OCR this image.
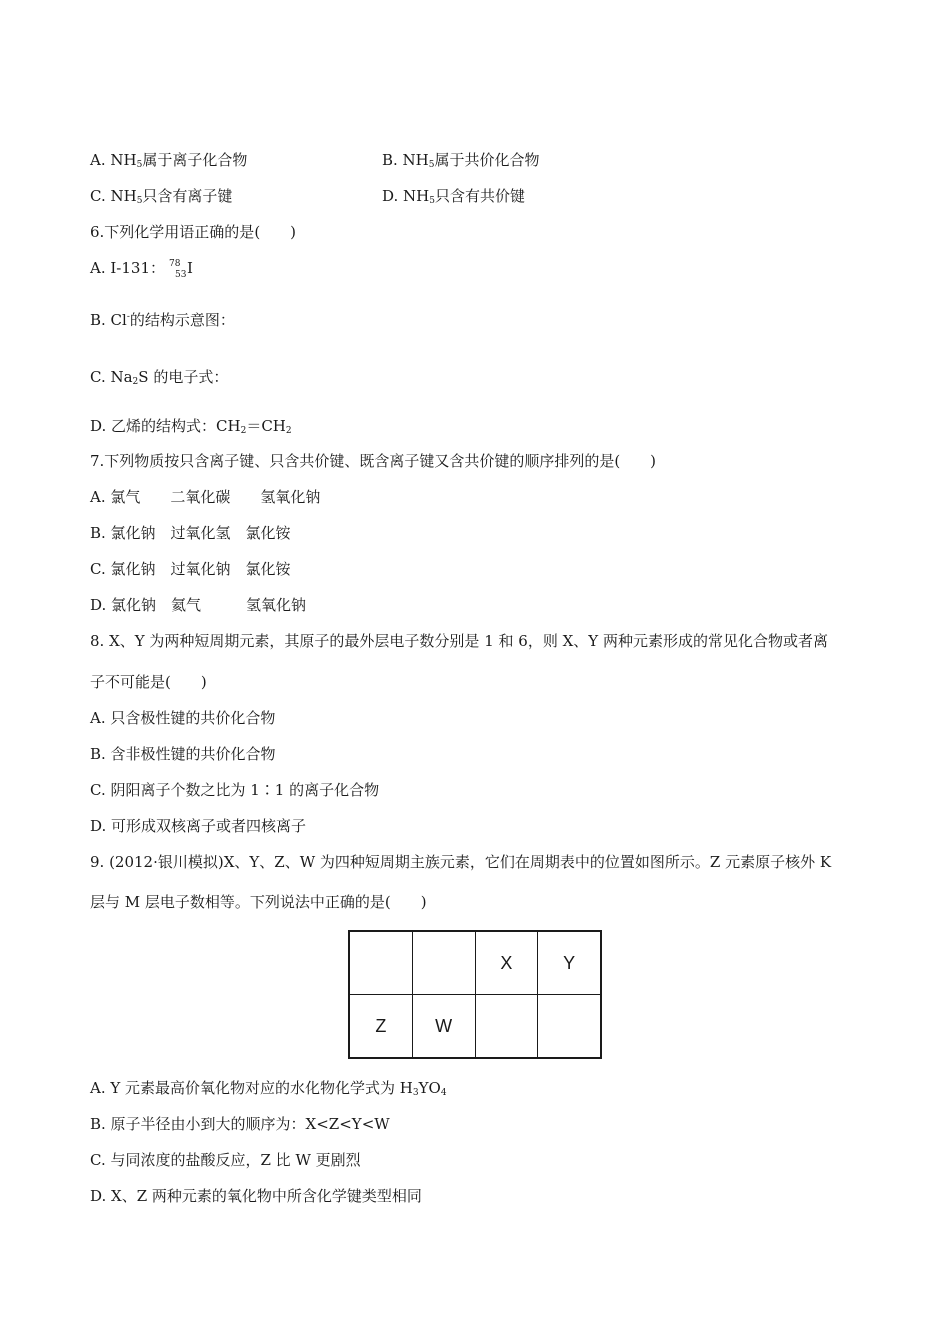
A. $NH_5$属于离子化合物	B. $NH_5$属于共价化合物
C. $NH_5$只含有离子键	D. $NH_5$只含有共价键
6.下列化学用语正确的是(　　)
A. I-131： 78
53 I
B. Cl-的结构示意图：
C. $Na_2S$ 的电子式：
D. 乙烯的结构式：$CH_2=CH_2$
7.下列物质按只含离子键、只含共价键、既含离子键又含共价键的顺序排列的是(　　)
A. 氯气　　二氧化碳　　氢氧化钠
B. 氯化钠　过氧化氢　氯化铵
C. 氯化钠　过氧化钠　氯化铵
D. 氯化钠　氦气　　　氢氧化钠
8. X、Y 为两种短周期元素，其原子的最外层电子数分别是 1 和 6，则 X、Y 两种元素形成的常见化合物或者离
子不可能是(　　)
A. 只含极性键的共价化合物
B. 含非极性键的共价化合物
C. 阴阳离子个数之比为 1∶1 的离子化合物
D. 可形成双核离子或者四核离子
9. (2012·银川模拟)X、Y、Z、W 为四种短周期主族元素，它们在周期表中的位置如图所示。Z 元素原子核外 K
层与 M 层电子数相等。下列说法中正确的是(　　)
		X	Y
Z	W		
A. Y 元素最高价氧化物对应的水化物化学式为 $H_3YO_4$
B. 原子半径由小到大的顺序为：X<Z<Y<W
C. 与同浓度的盐酸反应，Z 比 W 更剧烈
D. X、Z 两种元素的氧化物中所含化学键类型相同
